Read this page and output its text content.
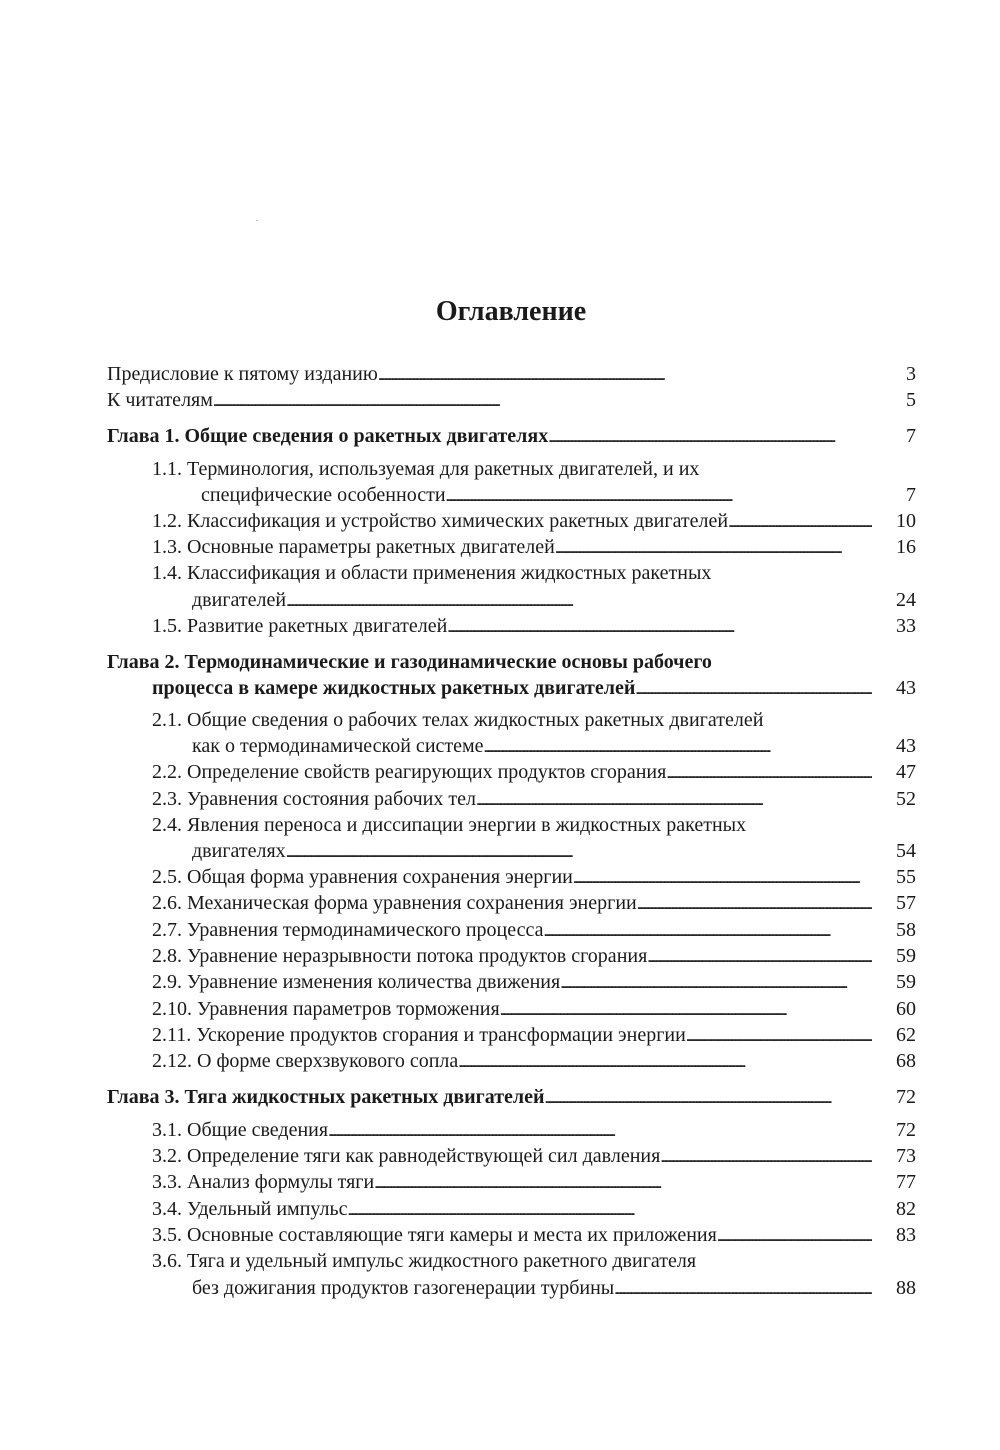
Оглавление
Предисловие к пятому изданию . . .	3
К читателям . . .	5
Глава 1. Общие сведения о ракетных двигателях . . .	7
1.1. Терминология, используемая для ракетных двигателей, и их
специфические особенности . . .	7
1.2. Классификация и устройство химических ракетных двигателей . . .	10
1.3. Основные параметры ракетных двигателей . . .	16
1.4. Классификация и области применения жидкостных ракетных
двигателей . . .	24
1.5. Развитие ракетных двигателей . . .	33
Глава 2. Термодинамические и газодинамические основы рабочего
процесса в камере жидкостных ракетных двигателей . . .	43
2.1. Общие сведения о рабочих телах жидкостных ракетных двигателей
как о термодинамической системе . . .	43
2.2. Определение свойств реагирующих продуктов сгорания . . .	47
2.3. Уравнения состояния рабочих тел . . .	52
2.4. Явления переноса и диссипации энергии в жидкостных ракетных
двигателях . . .	54
2.5. Общая форма уравнения сохранения энергии . . .	55
2.6. Механическая форма уравнения сохранения энергии . . .	57
2.7. Уравнения термодинамического процесса . . .	58
2.8. Уравнение неразрывности потока продуктов сгорания . . .	59
2.9. Уравнение изменения количества движения . . .	59
2.10. Уравнения параметров торможения . . .	60
2.11. Ускорение продуктов сгорания и трансформации энергии . . .	62
2.12. О форме сверхзвукового сопла . . .	68
Глава 3. Тяга жидкостных ракетных двигателей . . .	72
3.1. Общие сведения . . .	72
3.2. Определение тяги как равнодействующей сил давления . . .	73
3.3. Анализ формулы тяги . . .	77
3.4. Удельный импульс . . .	82
3.5. Основные составляющие тяги камеры и места их приложения . . .	83
3.6. Тяга и удельный импульс жидкостного ракетного двигателя
без дожигания продуктов газогенерации турбины . . .	88
